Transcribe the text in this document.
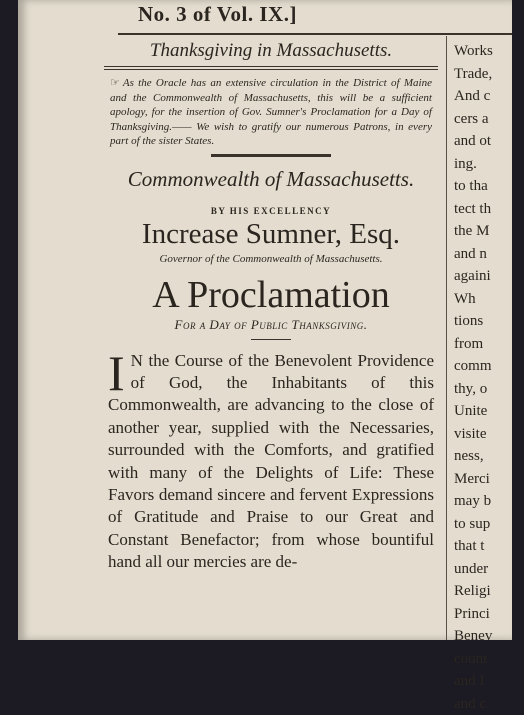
No. 3 of Vol. IX.]

Thanksgiving in Massachusetts.

☞ As the Oracle has an extensive circulation in the District of Maine and the Commonwealth of Massachusetts, this will be a sufficient apology, for the insertion of Gov. Sumner's Proclamation for a Day of Thanksgiving.—— We wish to gratify our numerous Patrons, in every part of the sister States.

Commonwealth of Massachusetts.
BY HIS EXCELLENCY
Increase Sumner, Esq.
Governor of the Commonwealth of Massachusetts.
A Proclamation
For a Day of Public Thanksgiving.

I N the Course of the Benevolent Providence of God, the Inhabitants of this Commonwealth, are advancing to the close of another year, supplied with the Necessaries, surrounded with the Comforts, and gratified with many of the Delights of Life: These Favors demand sincere and fervent Expressions of Gratitude and Praise to our Great and Constant Benefactor; from whose bountiful hand all our mercies are de-

Works
Trade,
And c
cers a
and ot
ing.
to tha
tect th
the M
and n
againi
Wh
tions
from
comm
thy, o
Unite
visite
ness,
Merci
may b
to sup
that t
under
Religi
Princi
Benev
count
and I
and c
